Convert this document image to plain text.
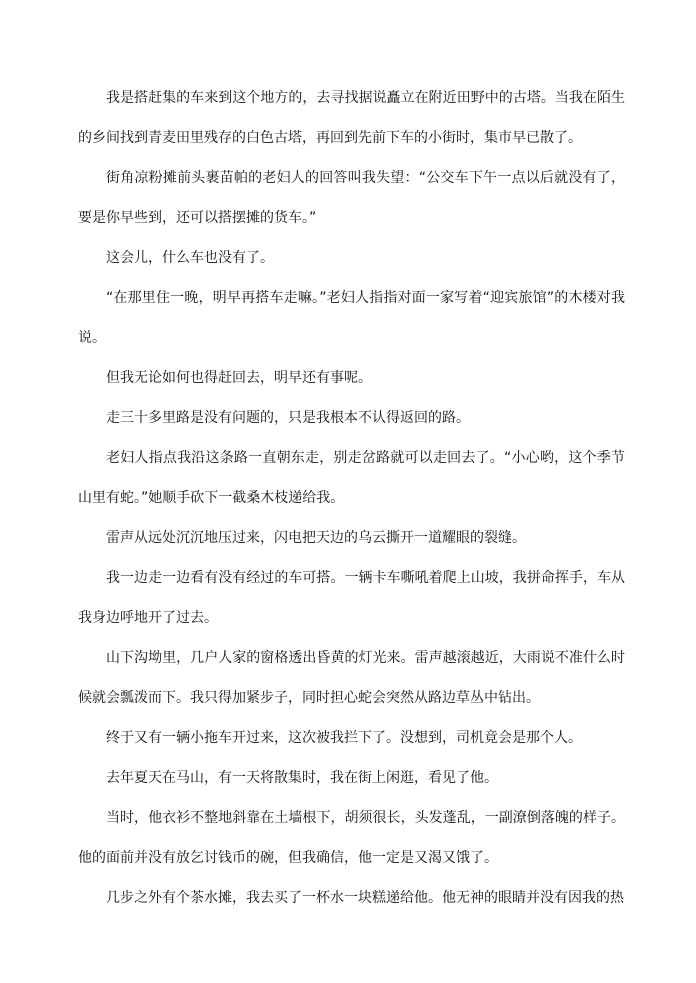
我是搭赶集的车来到这个地方的，去寻找据说矗立在附近田野中的古塔。当我在陌生的乡间找到青麦田里残存的白色古塔，再回到先前下车的小街时，集市早已散了。

街角凉粉摊前头裹苗帕的老妇人的回答叫我失望：“公交车下午一点以后就没有了，要是你早些到，还可以搭摆摊的货车。”

这会儿，什么车也没有了。

“在那里住一晚，明早再搭车走嘛。”老妇人指指对面一家写着“迎宾旅馆”的木楼对我说。

但我无论如何也得赶回去，明早还有事呢。

走三十多里路是没有问题的，只是我根本不认得返回的路。

老妇人指点我沿这条路一直朝东走，别走岔路就可以走回去了。“小心哟，这个季节山里有蛇。”她顺手砍下一截桑木枝递给我。

雷声从远处沉沉地压过来，闪电把天边的乌云撕开一道耀眼的裂缝。

我一边走一边看有没有经过的车可搭。一辆卡车嘶吼着爬上山坡，我拼命挥手，车从我身边呼地开了过去。

山下沟坳里，几户人家的窗格透出昏黄的灯光来。雷声越滚越近，大雨说不准什么时候就会瓢泼而下。我只得加紧步子，同时担心蛇会突然从路边草丛中钻出。

终于又有一辆小拖车开过来，这次被我拦下了。没想到，司机竟会是那个人。

去年夏天在马山，有一天将散集时，我在街上闲逛，看见了他。

当时，他衣衫不整地斜靠在土墙根下，胡须很长，头发蓬乱，一副潦倒落魄的样子。他的面前并没有放乞讨钱币的碗，但我确信，他一定是又渴又饿了。

几步之外有个茶水摊，我去买了一杯水一块糕递给他。他无神的眼睛并没有因我的热
